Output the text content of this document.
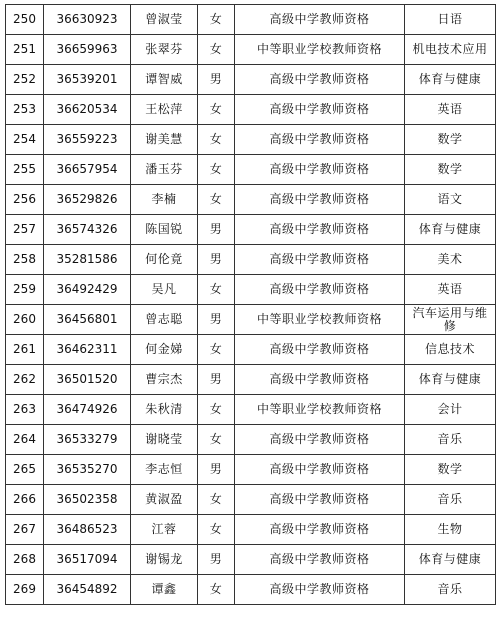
250	36630923	曾淑莹	女	高级中学教师资格	日语
251	36659963	张翠芬	女	中等职业学校教师资格	机电技术应用
252	36539201	谭智威	男	高级中学教师资格	体育与健康
253	36620534	王松萍	女	高级中学教师资格	英语
254	36559223	谢美慧	女	高级中学教师资格	数学
255	36657954	潘玉芬	女	高级中学教师资格	数学
256	36529826	李楠	女	高级中学教师资格	语文
257	36574326	陈国锐	男	高级中学教师资格	体育与健康
258	35281586	何伦竟	男	高级中学教师资格	美术
259	36492429	吴凡	女	高级中学教师资格	英语
260	36456801	曾志聪	男	中等职业学校教师资格	汽车运用与维修
261	36462311	何金娣	女	高级中学教师资格	信息技术
262	36501520	曹宗杰	男	高级中学教师资格	体育与健康
263	36474926	朱秋清	女	中等职业学校教师资格	会计
264	36533279	谢晓莹	女	高级中学教师资格	音乐
265	36535270	李志恒	男	高级中学教师资格	数学
266	36502358	黄淑盈	女	高级中学教师资格	音乐
267	36486523	江蓉	女	高级中学教师资格	生物
268	36517094	谢锡龙	男	高级中学教师资格	体育与健康
269	36454892	谭鑫	女	高级中学教师资格	音乐
